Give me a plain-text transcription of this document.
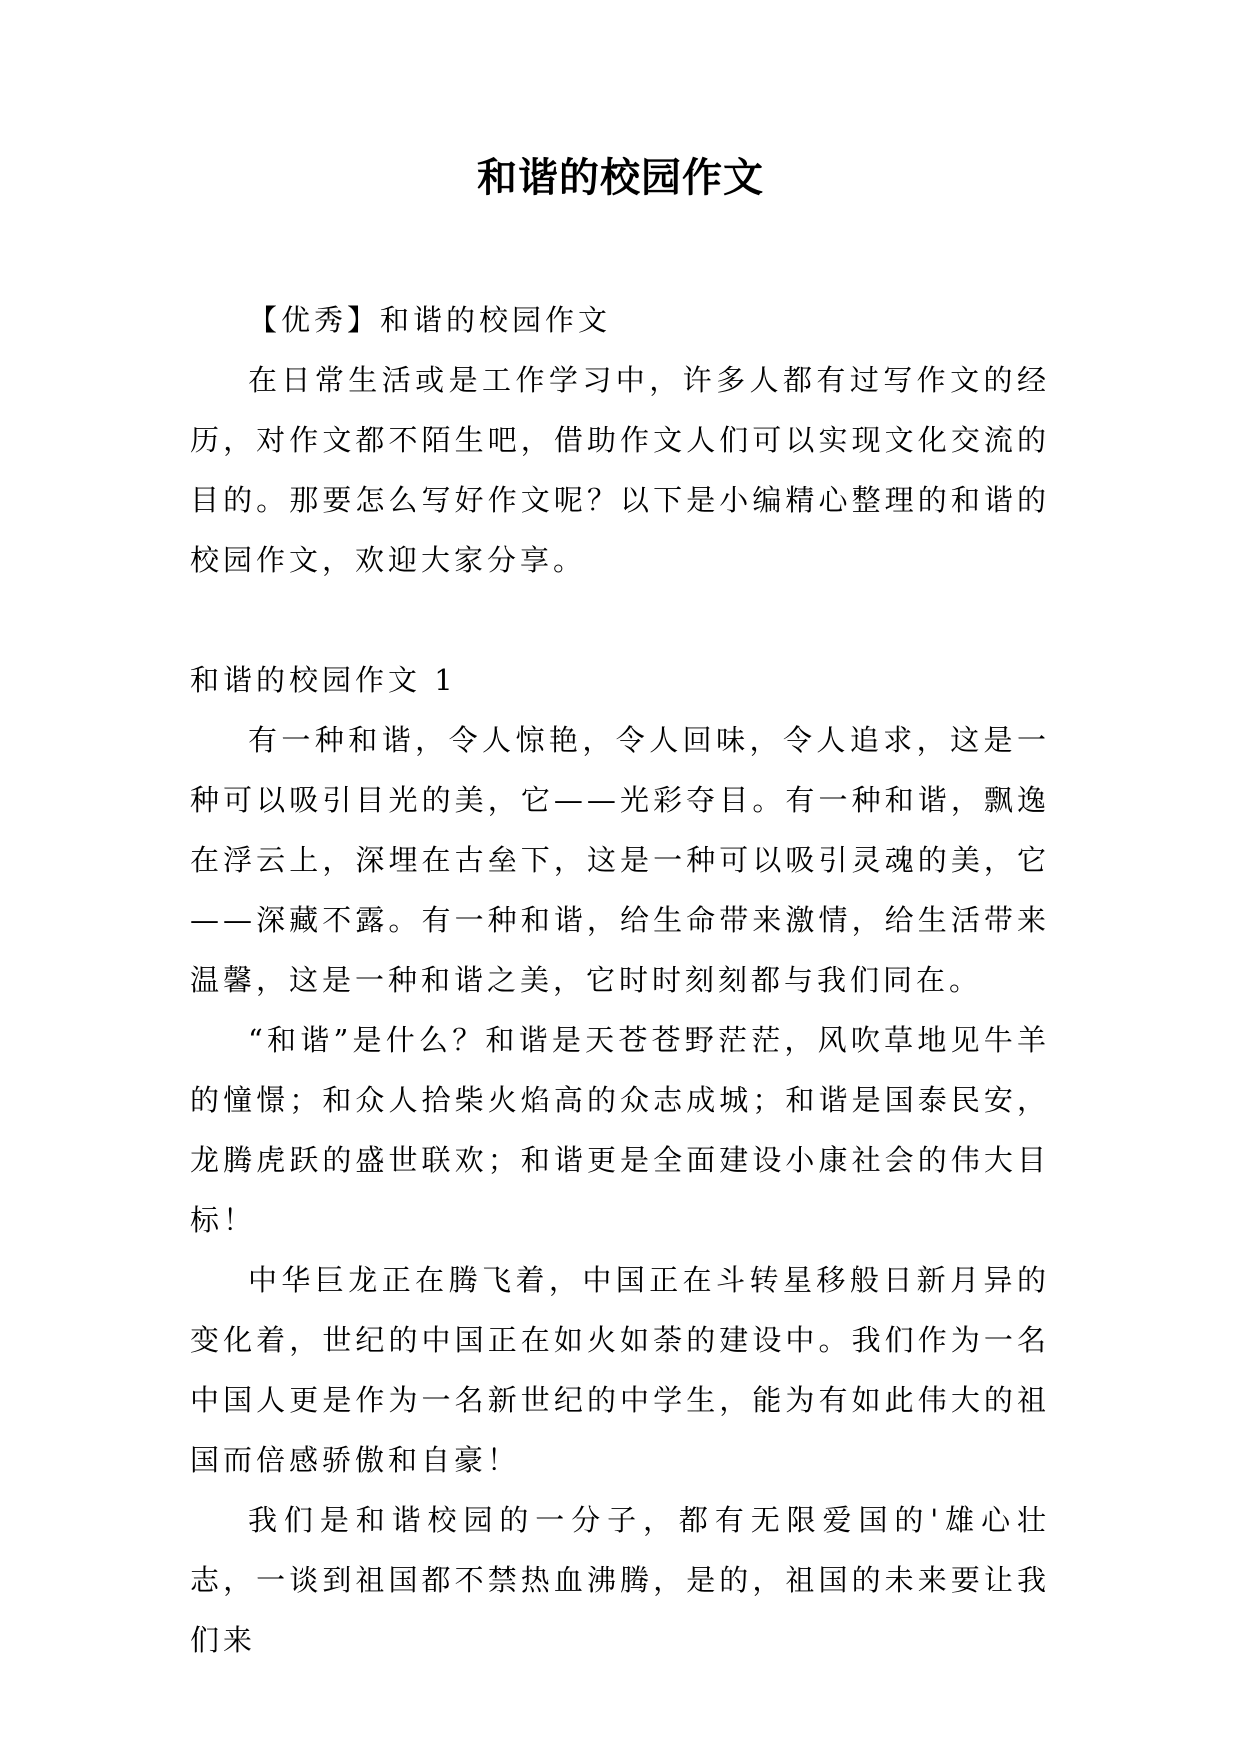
和谐的校园作文

【优秀】和谐的校园作文

在日常生活或是工作学习中，许多人都有过写作文的经历，对作文都不陌生吧，借助作文人们可以实现文化交流的目的。那要怎么写好作文呢？以下是小编精心整理的和谐的校园作文，欢迎大家分享。

和谐的校园作文 1

有一种和谐，令人惊艳，令人回味，令人追求，这是一种可以吸引目光的美，它——光彩夺目。有一种和谐，飘逸在浮云上，深埋在古垒下，这是一种可以吸引灵魂的美，它——深藏不露。有一种和谐，给生命带来激情，给生活带来温馨，这是一种和谐之美，它时时刻刻都与我们同在。

“和谐”是什么？和谐是天苍苍野茫茫，风吹草地见牛羊的憧憬；和众人拾柴火焰高的众志成城；和谐是国泰民安，龙腾虎跃的盛世联欢；和谐更是全面建设小康社会的伟大目标！

中华巨龙正在腾飞着，中国正在斗转星移般日新月异的变化着，世纪的中国正在如火如荼的建设中。我们作为一名中国人更是作为一名新世纪的中学生，能为有如此伟大的祖国而倍感骄傲和自豪！

我们是和谐校园的一分子，都有无限爱国的'雄心壮志，一谈到祖国都不禁热血沸腾，是的，祖国的未来要让我们来
